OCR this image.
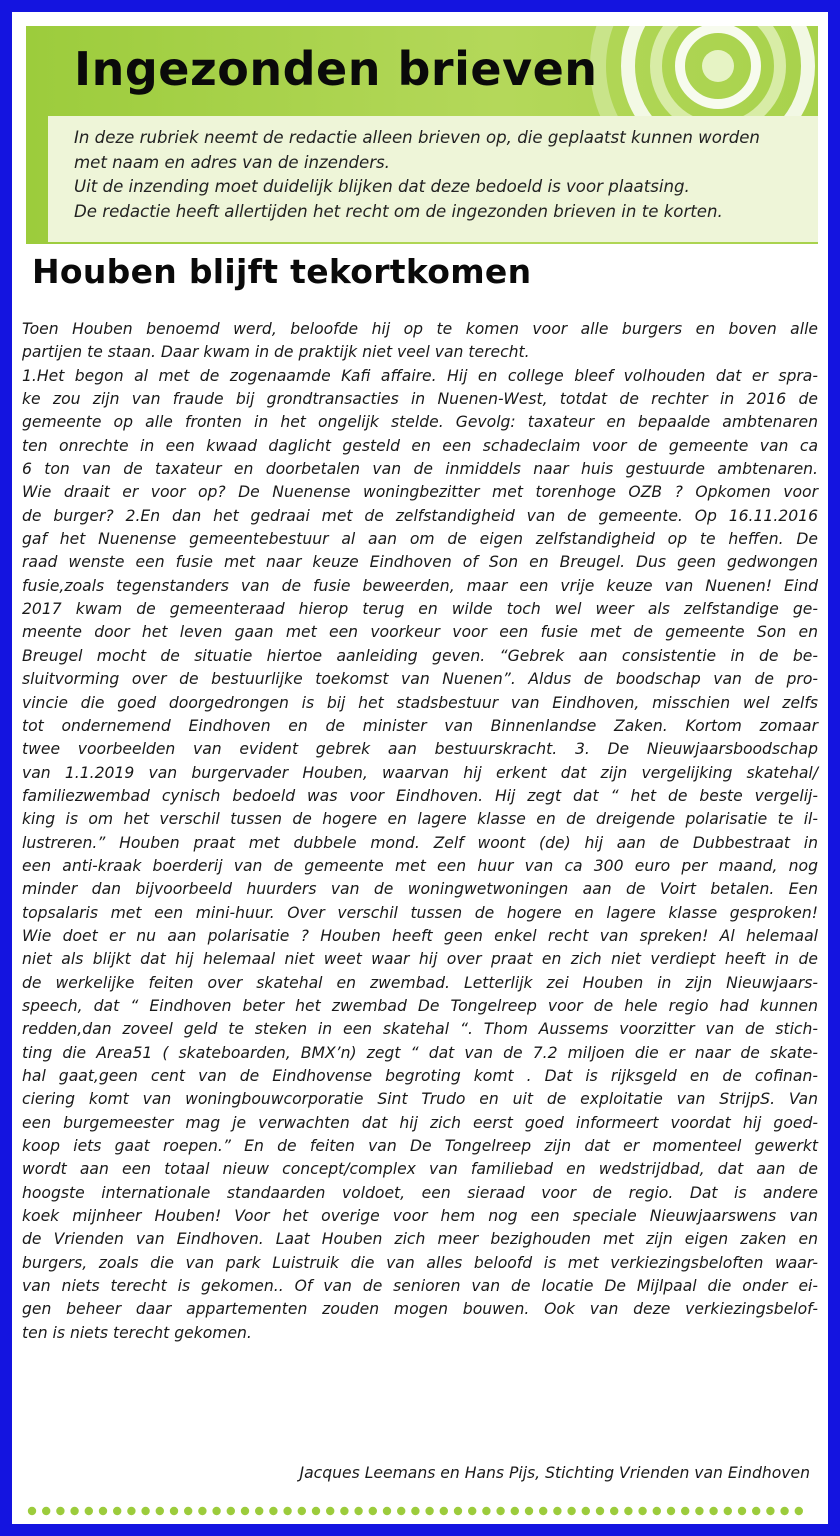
Ingezonden brieven

In deze rubriek neemt de redactie alleen brieven op, die geplaatst kunnen worden
met naam en adres van de inzenders.
Uit de inzending moet duidelijk blijken dat deze bedoeld is voor plaatsing.
De redactie heeft allertijden het recht om de ingezonden brieven in te korten.

Houben blijft tekortkomen
Toen Houben benoemd werd, beloofde hij op te komen voor alle burgers en boven alle
partijen te staan. Daar kwam in de praktijk niet veel van terecht.
1.Het begon al met de zogenaamde Kafi affaire. Hij en college bleef volhouden dat er spra-
ke zou zijn van fraude bij grondtransacties in Nuenen-West, totdat de rechter in 2016 de
gemeente op alle fronten in het ongelijk stelde. Gevolg: taxateur en bepaalde ambtenaren
ten onrechte in een kwaad daglicht gesteld en een schadeclaim voor de gemeente van ca
6 ton van de taxateur en doorbetalen van de inmiddels naar huis gestuurde ambtenaren.
Wie draait er voor op? De Nuenense woningbezitter met torenhoge OZB ? Opkomen voor
de burger? 2.En dan het gedraai met de zelfstandigheid van de gemeente. Op 16.11.2016
gaf het Nuenense gemeentebestuur al aan om de eigen zelfstandigheid op te heffen. De
raad wenste een fusie met naar keuze Eindhoven of Son en Breugel. Dus geen gedwongen
fusie,zoals tegenstanders van de fusie beweerden, maar een vrije keuze van Nuenen! Eind
2017 kwam de gemeenteraad hierop terug en wilde toch wel weer als zelfstandige ge-
meente door het leven gaan met een voorkeur voor een fusie met de gemeente Son en
Breugel mocht de situatie hiertoe aanleiding geven. “Gebrek aan consistentie in de be-
sluitvorming over de bestuurlijke toekomst van Nuenen”. Aldus de boodschap van de pro-
vincie die goed doorgedrongen is bij het stadsbestuur van Eindhoven, misschien wel zelfs
tot ondernemend Eindhoven en de minister van Binnenlandse Zaken. Kortom zomaar
twee voorbeelden van evident gebrek aan bestuurskracht. 3. De Nieuwjaarsboodschap
van 1.1.2019 van burgervader Houben, waarvan hij erkent dat zijn vergelijking skatehal/
familiezwembad cynisch bedoeld was voor Eindhoven. Hij zegt dat “ het de beste vergelij-
king is om het verschil tussen de hogere en lagere klasse en de dreigende polarisatie te il-
lustreren.” Houben praat met dubbele mond. Zelf woont (de) hij aan de Dubbestraat in
een anti-kraak boerderij van de gemeente met een huur van ca 300 euro per maand, nog
minder dan bijvoorbeeld huurders van de woningwetwoningen aan de Voirt betalen. Een
topsalaris met een mini-huur. Over verschil tussen de hogere en lagere klasse gesproken!
Wie doet er nu aan polarisatie ? Houben heeft geen enkel recht van spreken! Al helemaal
niet als blijkt dat hij helemaal niet weet waar hij over praat en zich niet verdiept heeft in de
de werkelijke feiten over skatehal en zwembad. Letterlijk zei Houben in zijn Nieuwjaars-
speech, dat “ Eindhoven beter het zwembad De Tongelreep voor de hele regio had kunnen
redden,dan zoveel geld te steken in een skatehal “. Thom Aussems voorzitter van de stich-
ting die Area51 ( skateboarden, BMX’n) zegt “ dat van de 7.2 miljoen die er naar de skate-
hal gaat,geen cent van de Eindhovense begroting komt . Dat is rijksgeld en de cofinan-
ciering komt van woningbouwcorporatie Sint Trudo en uit de exploitatie van StrijpS. Van
een burgemeester mag je verwachten dat hij zich eerst goed informeert voordat hij goed-
koop iets gaat roepen.” En de feiten van De Tongelreep zijn dat er momenteel gewerkt
wordt aan een totaal nieuw concept/complex van familiebad en wedstrijdbad, dat aan de
hoogste internationale standaarden voldoet, een sieraad voor de regio. Dat is andere
koek mijnheer Houben! Voor het overige voor hem nog een speciale Nieuwjaarswens van
de Vrienden van Eindhoven. Laat Houben zich meer bezighouden met zijn eigen zaken en
burgers, zoals die van park Luistruik die van alles beloofd is met verkiezingsbeloften waar-
van niets terecht is gekomen.. Of van de senioren van de locatie De Mijlpaal die onder ei-
gen beheer daar appartementen zouden mogen bouwen. Ook van deze verkiezingsbelof-
ten is niets terecht gekomen.

Jacques Leemans en Hans Pijs, Stichting Vrienden van Eindhoven
